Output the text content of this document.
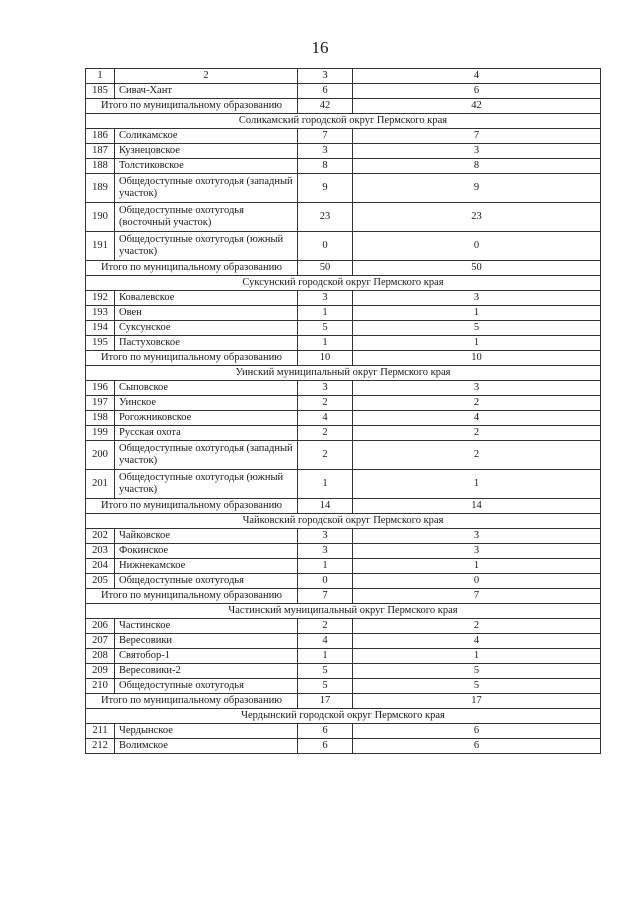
16
1	2	3	4
185	Сивач-Хант	6	6
Итого по муниципальному образованию		42	42
Соликамский городской округ Пермского края			
186	Соликамское	7	7
187	Кузнецовское	3	3
188	Толстиковское	8	8
189	Общедоступные охотугодья (западный участок)	9	9
190	Общедоступные охотугодья (восточный участок)	23	23
191	Общедоступные охотугодья (южный участок)	0	0
Итого по муниципальному образованию		50	50
Суксунский городской округ Пермского края			
192	Ковалевское	3	3
193	Овен	1	1
194	Суксунское	5	5
195	Пастуховское	1	1
Итого по муниципальному образованию		10	10
Уинский муниципальный округ Пермского края			
196	Сыповское	3	3
197	Уинское	2	2
198	Рогожниковское	4	4
199	Русская охота	2	2
200	Общедоступные охотугодья (западный участок)	2	2
201	Общедоступные охотугодья (южный участок)	1	1
Итого по муниципальному образованию		14	14
Чайковский городской округ Пермского края			
202	Чайковское	3	3
203	Фокинское	3	3
204	Нижнекамское	1	1
205	Общедоступные охотугодья	0	0
Итого по муниципальному образованию		7	7
Частинский муниципальный округ Пермского края			
206	Частинское	2	2
207	Вересовики	4	4
208	Святобор-1	1	1
209	Вересовики-2	5	5
210	Общедоступные охотугодья	5	5
Итого по муниципальному образованию		17	17
Чердынский городской округ Пермского края			
211	Чердынское	6	6
212	Волимское	6	6
